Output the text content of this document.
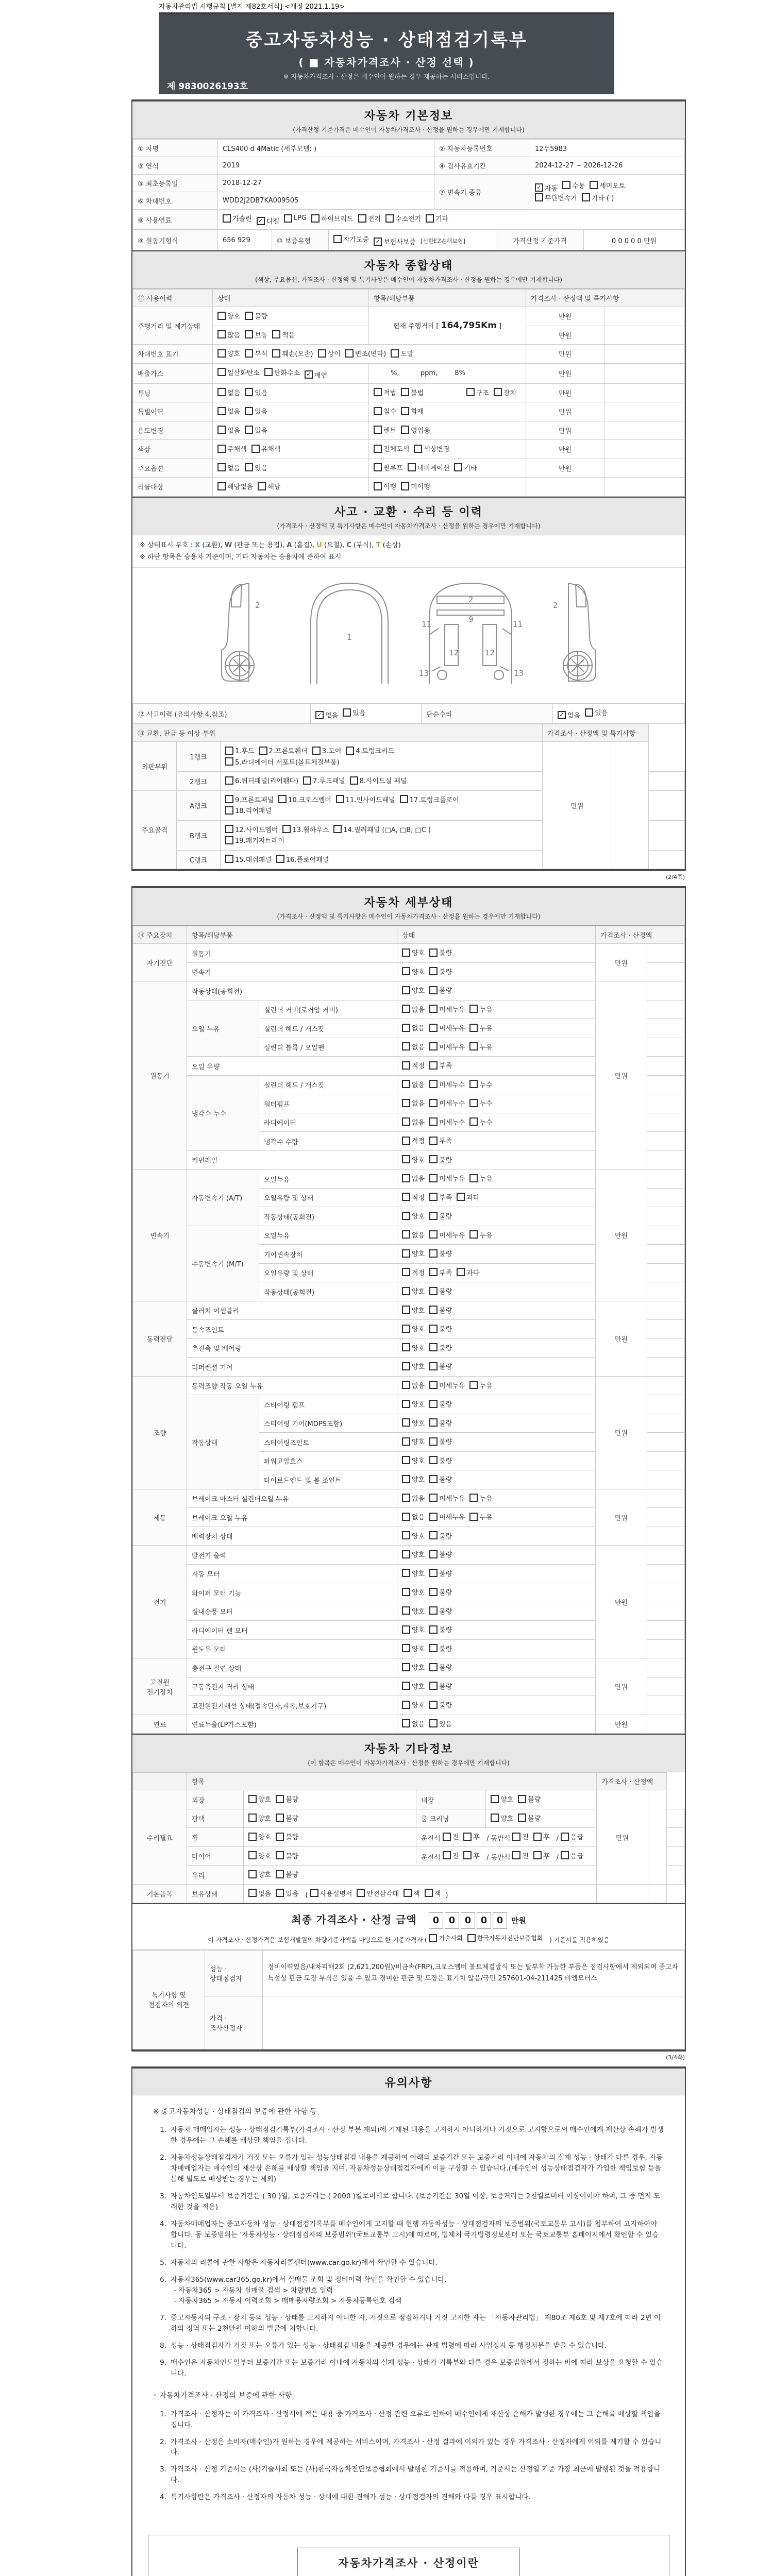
자동차관리법 시행규칙 [별지 제82호서식] <개정 2021.1.19>
중고자동차성능 · 상태점검기록부
( ■ 자동차가격조사 · 산정 선택 )
※ 자동차가격조사 · 산정은 매수인이 원하는 경우 제공하는 서비스입니다.
제 9830026193호
자동차 기본정보
(가격산정 기준가격은 매수인이 자동차가격조사 · 산정을 원하는 경우에만 기재합니다)
① 차명	CLS400 d 4Matic (세부모델: )	② 자동차등록번호	12두5983
③ 연식	2019	④ 검사유효기간	2024-12-27 ~ 2026-12-26
⑤ 최초등록일	2018-12-27	⑦ 변속기 종류	
✓
자동 수동 세미오토

무단변속기 기타 ( )

⑥ 차대번호	WDD2J2DB7KA009505		
⑧ 사용연료	가솔린 ✓ 디젤 LPG 하이브리드 전기 수소전기 기타
⑨ 원동기형식	656 929	⑩ 보증유형	자가보증 ✓ 보험사보증 [신한EZ손해보험]	가격산정 기준가격	0 0 0 0 0 만원
자동차 종합상태
(색상, 주요옵션, 가격조사 · 산정액 및 특기사항은 매수인이 자동차가격조사 · 산정을 원하는 경우에만 기재합니다)
⑪ 사용이력	상태	항목/해당부품	가격조사 · 산정액 및 특기사항	
주행거리 및 계기상태	양호 불량	현재 주행거리 [ 164,795Km ]	만원	

	많음 보통 적음		만원	
차대번호 표기	양호 부식 훼손(오손) 상이 변조(변타) 도말	만원	
배출가스	일산화탄소 탄화수소 ✓ 매연	%,          ppm,        8%	만원	
튜닝	없음 있음	적법 불법 구조 장치	만원	
특별이력	없음 있음	침수 화재	만원	
용도변경	없음 있음	렌트 영업용	만원	
색상	무채색 유채색	전체도색 색상변경	만원	
주요옵션	없음 있음	썬루프 네비게이션 기타	만원	
리콜대상	해당없음 해당	이행 미이행		

사고 · 교환 · 수리 등 이력
(가격조사 · 산정액 및 특기사항은 매수인이 자동차가격조사 · 산정을 원하는 경우에만 기재합니다)
※ 상태표시 부호 : X (교환), W (판금 또는 용접), A (흠집), U (요철), C (부식), T (손상)
※ 하단 항목은 승용차 기준이며, 기타 자동차는 승용차에 준하여 표시
2
1
2
9
11	11
12	12
13	13
2
⑫ 사고이력 (유의사항 4.참조)	
✓없음 있음	단순수리	
✓없음 있음
⑬ 교환, 판금 등 이상 부위			가격조사 · 산정액 및 특기사항		
외판부위	1랭크	1.후드 2.프론트휀더 3.도어 4.트렁크리드

5.라디에이터 서포트(볼트체결부품)	만원		
	2랭크	6.쿼터패널(리어휀다) 7.루프패널 8.사이드실 패널			

주요골격	A랭크	9.프론트패널 10.크로스멤버 11.인사이드패널 17.트렁크플로어

18.리어패널			

	B랭크	12.사이드멤버 13.휠하우스 14.필러패널 (□A, □B, □C )

19.패키지트레이			

	C랭크	15.대쉬패널 16.플로어패널			

(2/4쪽)
자동차 세부상태
(가격조사 · 산정액 및 특기사항은 매수인이 자동차가격조사 · 산정을 원하는 경우에만 기재합니다)
⑭ 주요장치	항목/해당부품		상태	가격조사 · 산정액	
자기진단	원동기		양호 불량	만원	
	변속기		양호 불량		

원동기	작동상태(공회전)		양호 불량	만원	
	오일 누유	실린더 커버(로커암 커버)	없음 미세누유 누유		

		실린더 헤드 / 개스킷	없음 미세누유 누유		

		실린더 블록 / 오일팬	없음 미세누유 누유		

	오일 유량		적정 부족		

	냉각수 누수	실린더 헤드 / 개스킷	없음 미세누수 누수		

		워터펌프	없음 미세누수 누수		

		라디에이터	없음 미세누수 누수		

		냉각수 수량	적정 부족		

	커먼레일		양호 불량		

변속기	자동변속기 (A/T)	오일누유	없음 미세누유 누유	만원	
		오일유량 및 상태	적정 부족 과다		

		작동상태(공회전)	양호 불량		

	수동변속기 (M/T)	오일누유	없음 미세누유 누유		

		기어변속장치	양호 불량		

		오일유량 및 상태	적정 부족 과다		

		작동상태(공회전)	양호 불량		

동력전달	클러치 어셈블리		양호 불량	만원	
	등속죠인트		양호 불량		

	추진축 및 베어링		양호 불량		

	디퍼렌셜 기어		양호 불량		

조향	동력조향 작동 오일 누유		없음 미세누유 누유	만원	
	작동상태	스티어링 펌프	양호 불량		

		스티어링 기어(MDPS포함)	양호 불량		

		스티어링조인트	양호 불량		

		파워고압호스	양호 불량		

		타이로드엔드 및 볼 조인트	양호 불량		

제동	브레이크 마스터 실린더오일 누유		없음 미세누유 누유	만원	
	브레이크 오일 누유		없음 미세누유 누유		

	배력장치 상태		양호 불량		

전기	발전기 출력		양호 불량	만원	
	시동 모터		양호 불량		

	와이퍼 모터 기능		양호 불량		

	실내송풍 모터		양호 불량		

	라디에이터 팬 모터		양호 불량		

	윈도우 모터		양호 불량		

고전원 전기장치	충전구 절연 상태		양호 불량	만원	
	구동축전지 격리 상태		양호 불량		

	고전원전기배선 상태(접속단자,피복,보호기구)		양호 불량		

연료	연료누출(LP가스포함)		없음 있음	만원	
자동차 기타정보
(이 항목은 매수인이 자동차가격조사 · 산정을 원하는 경우에만 기재합니다)
	항목				가격조사 · 산정액		
수리필요	외장	양호 불량	내장	양호 불량	만원		
	광택	양호 불량	룸 크리닝	양호 불량			

휠	양호 불량	운전석 전 후 / 동반석 전 후 / 응급

타이어	양호 불량	운전석 전 후 / 동반석 전 후 / 응급

	유리	양호 불량					

기본품목	보유상태	없음 있음 ( 사용설명서 안전삼각대 잭 잭 )		
최종 가격조사 · 산정 금액 0 0 0 0 0 만원
이 가격조사 · 산정가격은 보험개발원의 차량기준가액을 바탕으로 한 기준가격과 ( 기술사회 한국자동차진단보증협회 ) 기준서를 적용하였음
특기사항 및 점검자의 의견	성능 · 상태점검자	정비이력있음/내차피해2회 (2,621,200원)/비금속(FRP),크로스멤버 볼트체결방식 또는 탈부착 가능한 부품은 점검사항에서 제외되며 중고차 특성상 판금 도장 부식은 있을 수 있고 경미한 판금 및 도장은 표기치 않음/국민 257601-04-211425 비엠모터스
	가격 · 조사산정자	
(3/4쪽)
유의사항
※ 중고자동차성능 · 상태점검의 보증에 관한 사항 등
1. 자동차 매매업자는 성능 · 상태점검기록부(가격조사 · 산정 부분 제외)에 기재된 내용을 고지하지 아니하거나 거짓으로 고지함으로써 매수인에게 재산상 손해가 발생한 경우에는 그 손해를 배상할 책임을 집니다.
2. 자동차성능상태점검자가 거짓 또는 오류가 있는 성능상태점검 내용을 제공하여 아래의 보증기간 또는 보증거리 이내에 자동차의 실제 성능 · 상태가 다른 경우, 자동차매매업자는 매수인의 재산상 손해를 배상할 책임을 지며, 자동차성능상태점검자에게 이를 구상할 수 있습니다.(매수인이 성능상태점검자가 가입한 책임보험 등을 통해 별도로 배상받는 경우는 제외)
3. 자동차인도일부터 보증기간은 ( 30 )일, 보증거리는 ( 2000 )킬로미터로 합니다. (보증기간은 30일 이상, 보증거리는 2천킬로미터 이상이어야 하며, 그 중 먼저 도래한 것을 적용)
4. 자동차매매업자는 중고자동차 성능 · 상태점검기록부를 매수인에게 고지할 때 현행 자동차성능 · 상태점검자의 보증범위(국토교통부 고시)를 첨부하여 고지하여야 합니다. 동 보증범위는 '자동차성능 · 상태점검자의 보증범위'(국토교통부 고시)에 따르며, 법제처 국가법령정보센터 또는 국토교통부 홈페이지에서 확인할 수 있습니다.
5. 자동차의 리콜에 관한 사항은 자동차리콜센터(www.car.go.kr)에서 확인할 수 있습니다.
6. 자동차365(www.car365.go.kr)에서 실매물 조회 및 정비이력 확인을 확인할 수 있습니다.
- 자동차365 > 자동차 실매물 검색 > 차량번호 입력
- 자동차365 > 자동차 이력조회 > 매매용차량조회 > 자동차등록번호 검색
7. 중고자동차의 구조 · 장치 등의 성능 · 상태를 고지하지 아니한 자, 거짓으로 점검하거나 거짓 고지한 자는 「자동차관리법」 제80조 제6호 및 제7호에 따라 2년 이하의 징역 또는 2천만원 이하의 벌금에 처합니다.
8. 성능 · 상태점검자가 거짓 또는 오류가 있는 성능 · 상태점검 내용을 제공한 경우에는 관계 법령에 따라 사업정지 등 행정처분을 받을 수 있습니다.
9. 매수인은 자동차인도일부터 보증기간 또는 보증거리 이내에 자동차의 실제 성능 · 상태가 기록부와 다른 경우 보증범위에서 정하는 바에 따라 보상을 요청할 수 있습니다.
◦ 자동차가격조사 · 산정의 보증에 관한 사항
1. 가격조사 · 산정자는 이 가격조사 · 산정서에 적은 내용 중 가격조사 · 산정 관련 오류로 인하여 매수인에게 재산상 손해가 발생한 경우에는 그 손해를 배상할 책임을 집니다.
2. 가격조사 · 산정은 소비자(매수인)가 원하는 경우에 제공하는 서비스이며, 가격조사 · 산정 결과에 이의가 있는 경우 가격조사 · 산정자에게 이의를 제기할 수 있습니다.
3. 가격조사 · 산정 기준서는 (사)기술사회 또는 (사)한국자동차진단보증협회에서 발행한 기준서를 적용하며, 기준서는 산정일 기준 가장 최근에 발행된 것을 적용합니다.
4. 특기사항란은 가격조사 · 산정자의 자동차 성능 · 상태에 대한 견해가 성능 · 상태점검자의 견해와 다를 경우 표시합니다.
자동차가격조사 · 산정이란
